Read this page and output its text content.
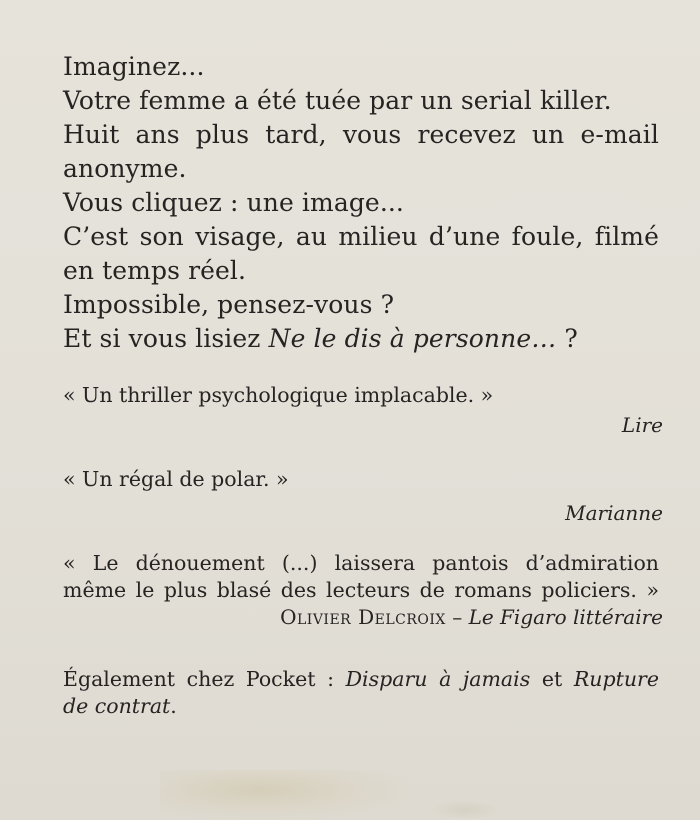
Imaginez...
Votre femme a été tuée par un serial killer.
Huit ans plus tard, vous recevez un e-mail
anonyme.
Vous cliquez : une image...
C’est son visage, au milieu d’une foule, filmé
en temps réel.
Impossible, pensez-vous ?
Et si vous lisiez Ne le dis à personne… ?
« Un thriller psychologique implacable. »
Lire
« Un régal de polar. »
Marianne
« Le dénouement (...) laissera pantois d’admiration
même le plus blasé des lecteurs de romans policiers. »
Olivier Delcroix – Le Figaro littéraire
Également chez Pocket : Disparu à jamais et Rupture
de contrat.
